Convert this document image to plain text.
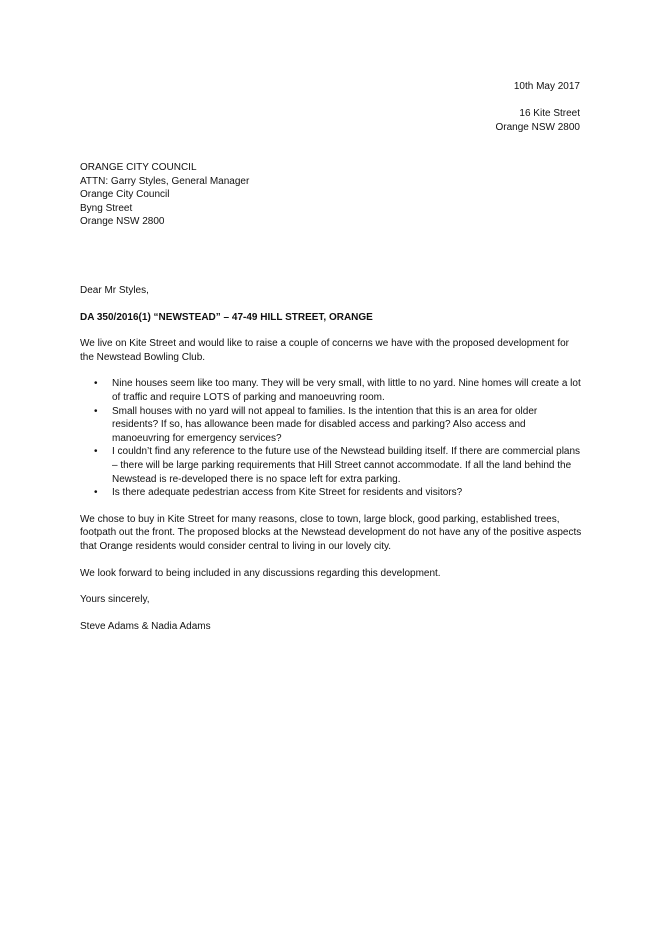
10th May 2017
16 Kite Street
Orange NSW 2800
ORANGE CITY COUNCIL
ATTN: Garry Styles, General Manager
Orange City Council
Byng Street
Orange NSW 2800

Dear Mr Styles,

DA 350/2016(1) “NEWSTEAD” – 47-49 HILL STREET, ORANGE

We live on Kite Street and would like to raise a couple of concerns we have with the proposed development for the Newstead Bowling Club.

• Nine houses seem like too many. They will be very small, with little to no yard. Nine homes will create a lot of traffic and require LOTS of parking and manoeuvring room.
• Small houses with no yard will not appeal to families. Is the intention that this is an area for older residents? If so, has allowance been made for disabled access and parking? Also access and manoeuvring for emergency services?
• I couldn’t find any reference to the future use of the Newstead building itself. If there are commercial plans – there will be large parking requirements that Hill Street cannot accommodate. If all the land behind the Newstead is re-developed there is no space left for extra parking.
• Is there adequate pedestrian access from Kite Street for residents and visitors?

We chose to buy in Kite Street for many reasons, close to town, large block, good parking, established trees, footpath out the front. The proposed blocks at the Newstead development do not have any of the positive aspects that Orange residents would consider central to living in our lovely city.

We look forward to being included in any discussions regarding this development.

Yours sincerely,

Steve Adams & Nadia Adams
